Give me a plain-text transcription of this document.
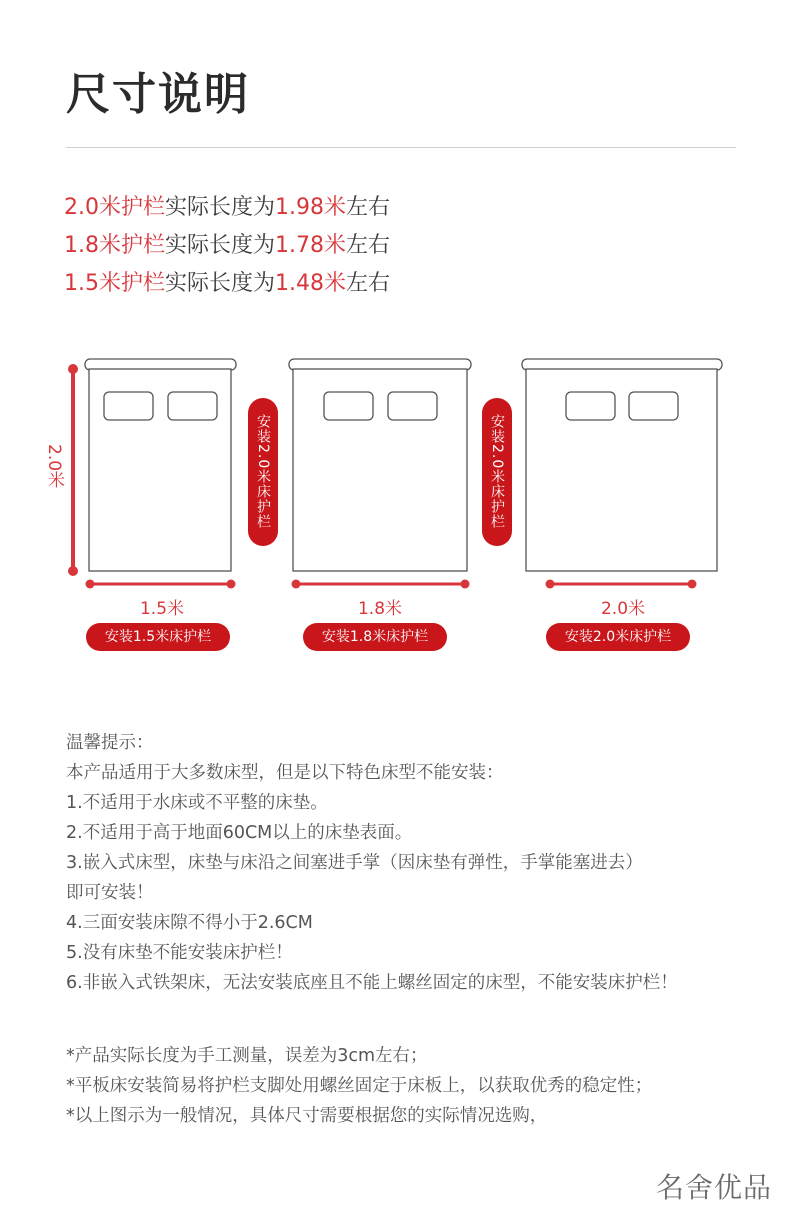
尺寸说明
2.0米护栏实际长度为1.98米左右
1.8米护栏实际长度为1.78米左右
1.5米护栏实际长度为1.48米左右
2.0米	安装2.0米床护栏	安装2.0米床护栏
1.5米	1.8米	2.0米
安装1.5米床护栏	安装1.8米床护栏	安装2.0米床护栏
温馨提示：
本产品适用于大多数床型，但是以下特色床型不能安装：
1.不适用于水床或不平整的床垫。
2.不适用于高于地面60CM以上的床垫表面。
3.嵌入式床型，床垫与床沿之间塞进手掌（因床垫有弹性，手掌能塞进去）
即可安装！
4.三面安装床隙不得小于2.6CM
5.没有床垫不能安装床护栏！
6.非嵌入式铁架床，无法安装底座且不能上螺丝固定的床型，不能安装床护栏！
*产品实际长度为手工测量，误差为3cm左右；
*平板床安装简易将护栏支脚处用螺丝固定于床板上，以获取优秀的稳定性；
*以上图示为一般情况，具体尺寸需要根据您的实际情况选购，
名舍优品
